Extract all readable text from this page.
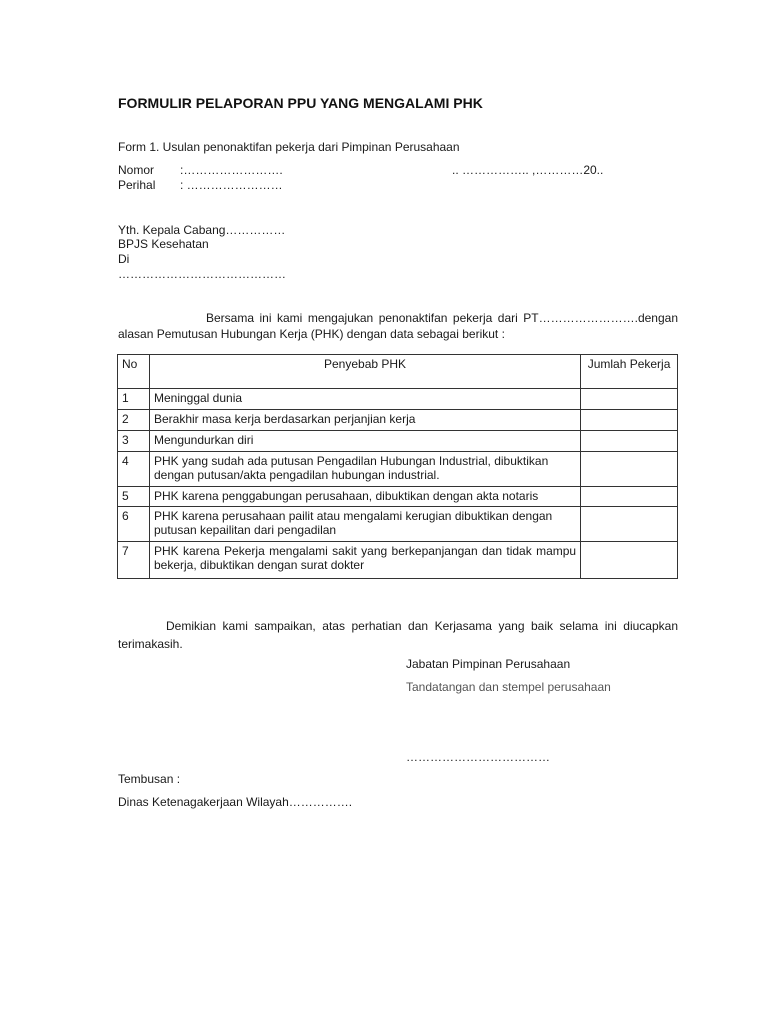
FORMULIR PELAPORAN PPU YANG MENGALAMI PHK
Form 1. Usulan penonaktifan pekerja dari Pimpinan Perusahaan
Nomor :…………………….	.. …………….. ,…………20..
Perihal : ……………………
Yth. Kepala Cabang……………
BPJS Kesehatan
Di
……………………………………
Bersama ini kami mengajukan penonaktifan pekerja dari PT…………………….dengan alasan Pemutusan Hubungan Kerja (PHK) dengan data sebagai berikut :
No	Penyebab PHK	Jumlah Pekerja
1	Meninggal dunia	
2	Berakhir masa kerja berdasarkan perjanjian kerja	
3	Mengundurkan diri	
4	PHK yang sudah ada putusan Pengadilan Hubungan Industrial, dibuktikan dengan putusan/akta pengadilan hubungan industrial.	
5	PHK karena penggabungan perusahaan, dibuktikan dengan akta notaris	
6	PHK karena perusahaan pailit atau mengalami kerugian dibuktikan dengan putusan kepailitan dari pengadilan	
7	PHK karena Pekerja mengalami sakit yang berkepanjangan dan tidak mampu bekerja, dibuktikan dengan surat dokter	
Demikian kami sampaikan, atas perhatian dan Kerjasama yang baik selama ini diucapkan terimakasih.
Jabatan Pimpinan Perusahaan
Tandatangan dan stempel perusahaan
………………………………
Tembusan :
Dinas Ketenagakerjaan Wilayah…………….
